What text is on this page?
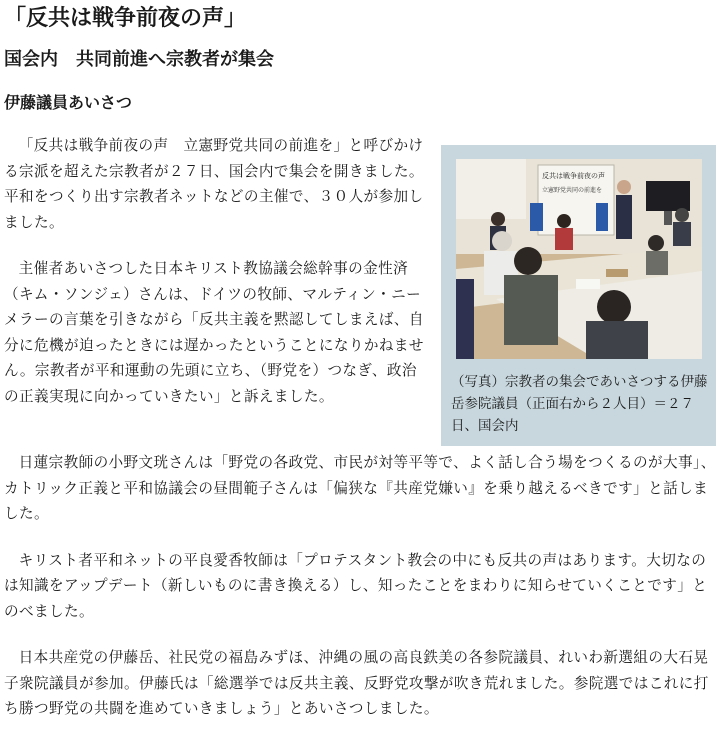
「反共は戦争前夜の声」
国会内　共同前進へ宗教者が集会
伊藤議員あいさつ

「反共は戦争前夜の声　立憲野党共同の前進を」と呼びかける宗派を超えた宗教者が２７日、国会内で集会を開きました。平和をつくり出す宗教者ネットなどの主催で、３０人が参加しました。

主催者あいさつした日本キリスト教協議会総幹事の金性済（キム・ソンジェ）さんは、ドイツの牧師、マルティン・ニーメラーの言葉を引きながら「反共主義を黙認してしまえば、自分に危機が迫ったときには遅かったということになりかねません。宗教者が平和運動の先頭に立ち、（野党を）つなぎ、政治の正義実現に向かっていきたい」と訴えました。

反共は戦争前夜の声
立憲野党共同の前進を
（写真）宗教者の集会であいさつする伊藤岳参院議員（正面右から２人目）＝２７日、国会内

日蓮宗教師の小野文珖さんは「野党の各政党、市民が対等平等で、よく話し合う場をつくるのが大事」、カトリック正義と平和協議会の昼間範子さんは「偏狭な『共産党嫌い』を乗り越えるべきです」と話しました。

キリスト者平和ネットの平良愛香牧師は「プロテスタント教会の中にも反共の声はあります。大切なのは知識をアップデート（新しいものに書き換える）し、知ったことをまわりに知らせていくことです」とのべました。

日本共産党の伊藤岳、社民党の福島みずほ、沖縄の風の高良鉄美の各参院議員、れいわ新選組の大石晃子衆院議員が参加。伊藤氏は「総選挙では反共主義、反野党攻撃が吹き荒れました。参院選ではこれに打ち勝つ野党の共闘を進めていきましょう」とあいさつしました。
